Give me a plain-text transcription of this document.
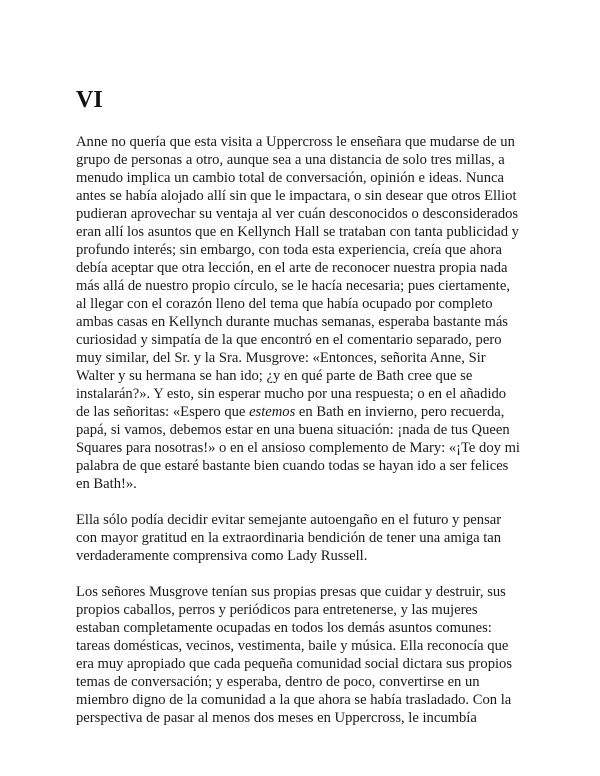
VI

Anne no quería que esta visita a Uppercross le enseñara que mudarse de un
grupo de personas a otro, aunque sea a una distancia de solo tres millas, a
menudo implica un cambio total de conversación, opinión e ideas. Nunca
antes se había alojado allí sin que le impactara, o sin desear que otros Elliot
pudieran aprovechar su ventaja al ver cuán desconocidos o desconsiderados
eran allí los asuntos que en Kellynch Hall se trataban con tanta publicidad y
profundo interés; sin embargo, con toda esta experiencia, creía que ahora
debía aceptar que otra lección, en el arte de reconocer nuestra propia nada
más allá de nuestro propio círculo, se le hacía necesaria; pues ciertamente,
al llegar con el corazón lleno del tema que había ocupado por completo
ambas casas en Kellynch durante muchas semanas, esperaba bastante más
curiosidad y simpatía de la que encontró en el comentario separado, pero
muy similar, del Sr. y la Sra. Musgrove: «Entonces, señorita Anne, Sir
Walter y su hermana se han ido; ¿y en qué parte de Bath cree que se
instalarán?». Y esto, sin esperar mucho por una respuesta; o en el añadido
de las señoritas: «Espero que estemos en Bath en invierno, pero recuerda,
papá, si vamos, debemos estar en una buena situación: ¡nada de tus Queen
Squares para nosotras!» o en el ansioso complemento de Mary: «¡Te doy mi
palabra de que estaré bastante bien cuando todas se hayan ido a ser felices
en Bath!».

Ella sólo podía decidir evitar semejante autoengaño en el futuro y pensar
con mayor gratitud en la extraordinaria bendición de tener una amiga tan
verdaderamente comprensiva como Lady Russell.

Los señores Musgrove tenían sus propias presas que cuidar y destruir, sus
propios caballos, perros y periódicos para entretenerse, y las mujeres
estaban completamente ocupadas en todos los demás asuntos comunes:
tareas domésticas, vecinos, vestimenta, baile y música. Ella reconocía que
era muy apropiado que cada pequeña comunidad social dictara sus propios
temas de conversación; y esperaba, dentro de poco, convertirse en un
miembro digno de la comunidad a la que ahora se había trasladado. Con la
perspectiva de pasar al menos dos meses en Uppercross, le incumbía
